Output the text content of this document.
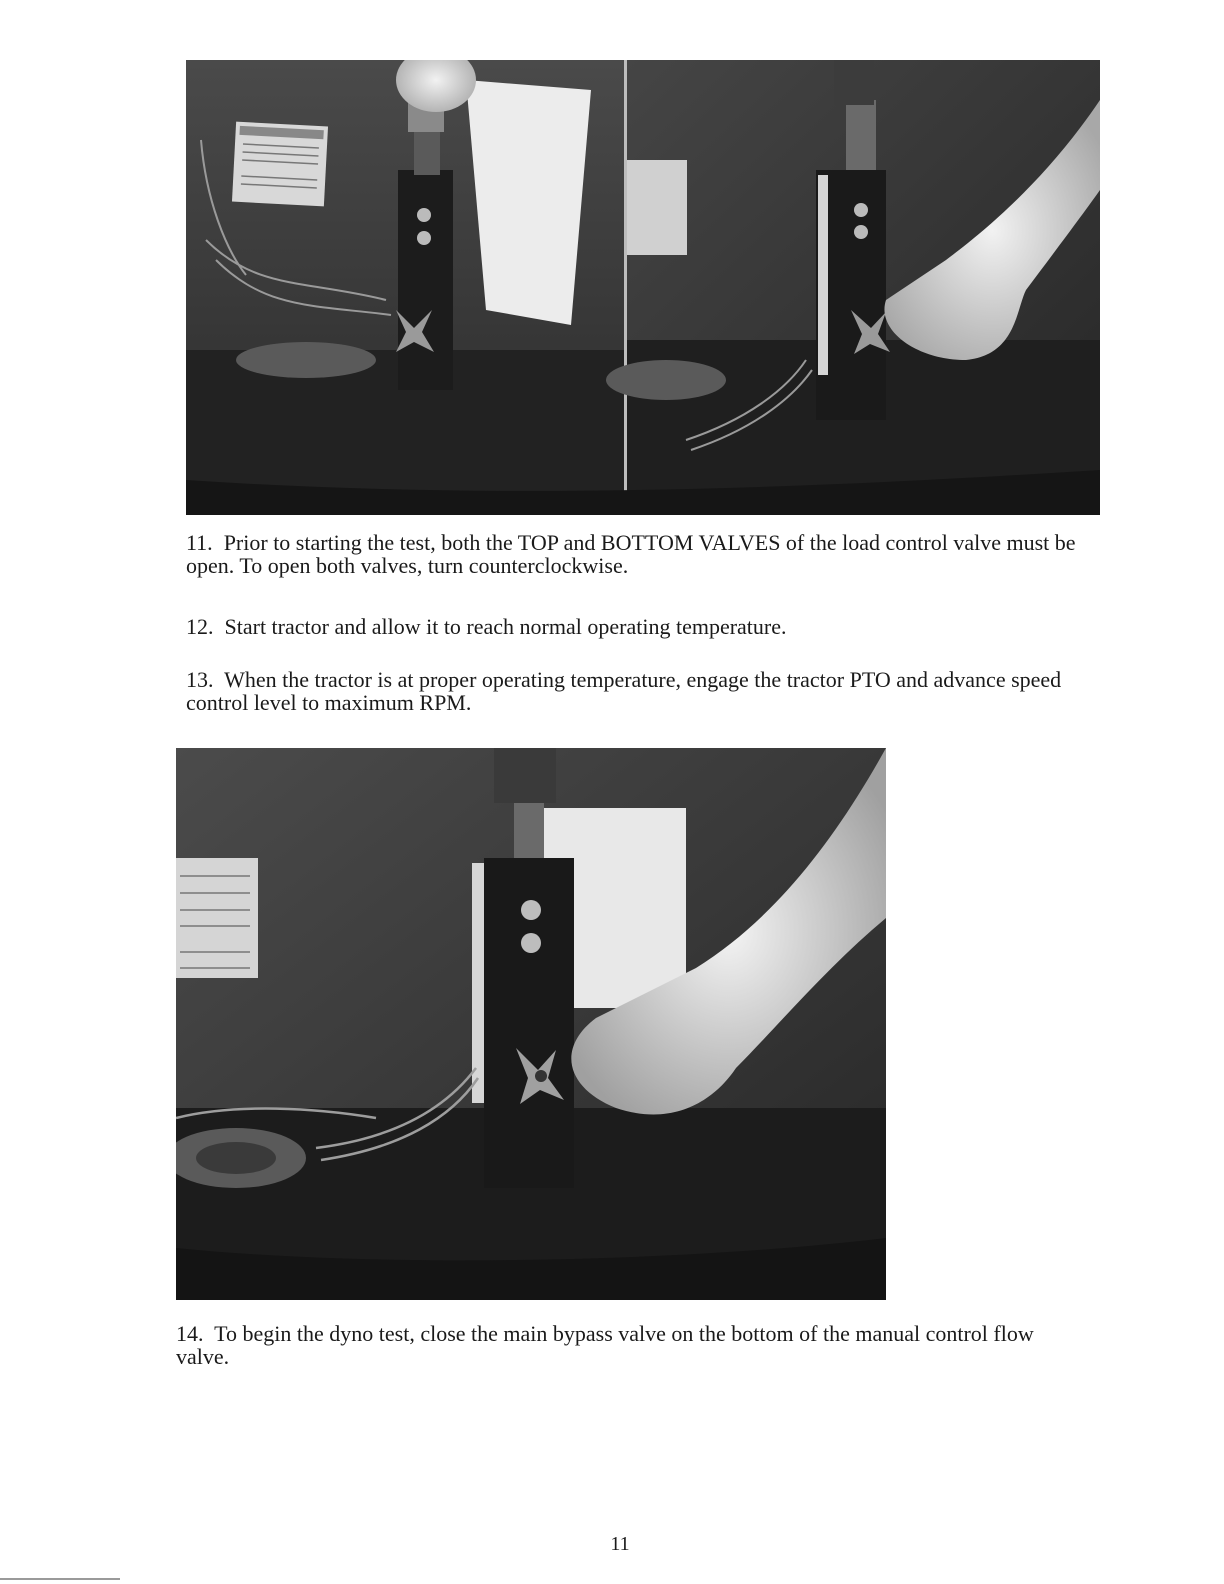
11. Prior to starting the test, both the TOP and BOTTOM VALVES of the load control valve must be open. To open both valves, turn counterclockwise.

12. Start tractor and allow it to reach normal operating temperature.

13. When the tractor is at proper operating temperature, engage the tractor PTO and advance speed control level to maximum RPM.

14. To begin the dyno test, close the main bypass valve on the bottom of the manual control flow valve.

11
